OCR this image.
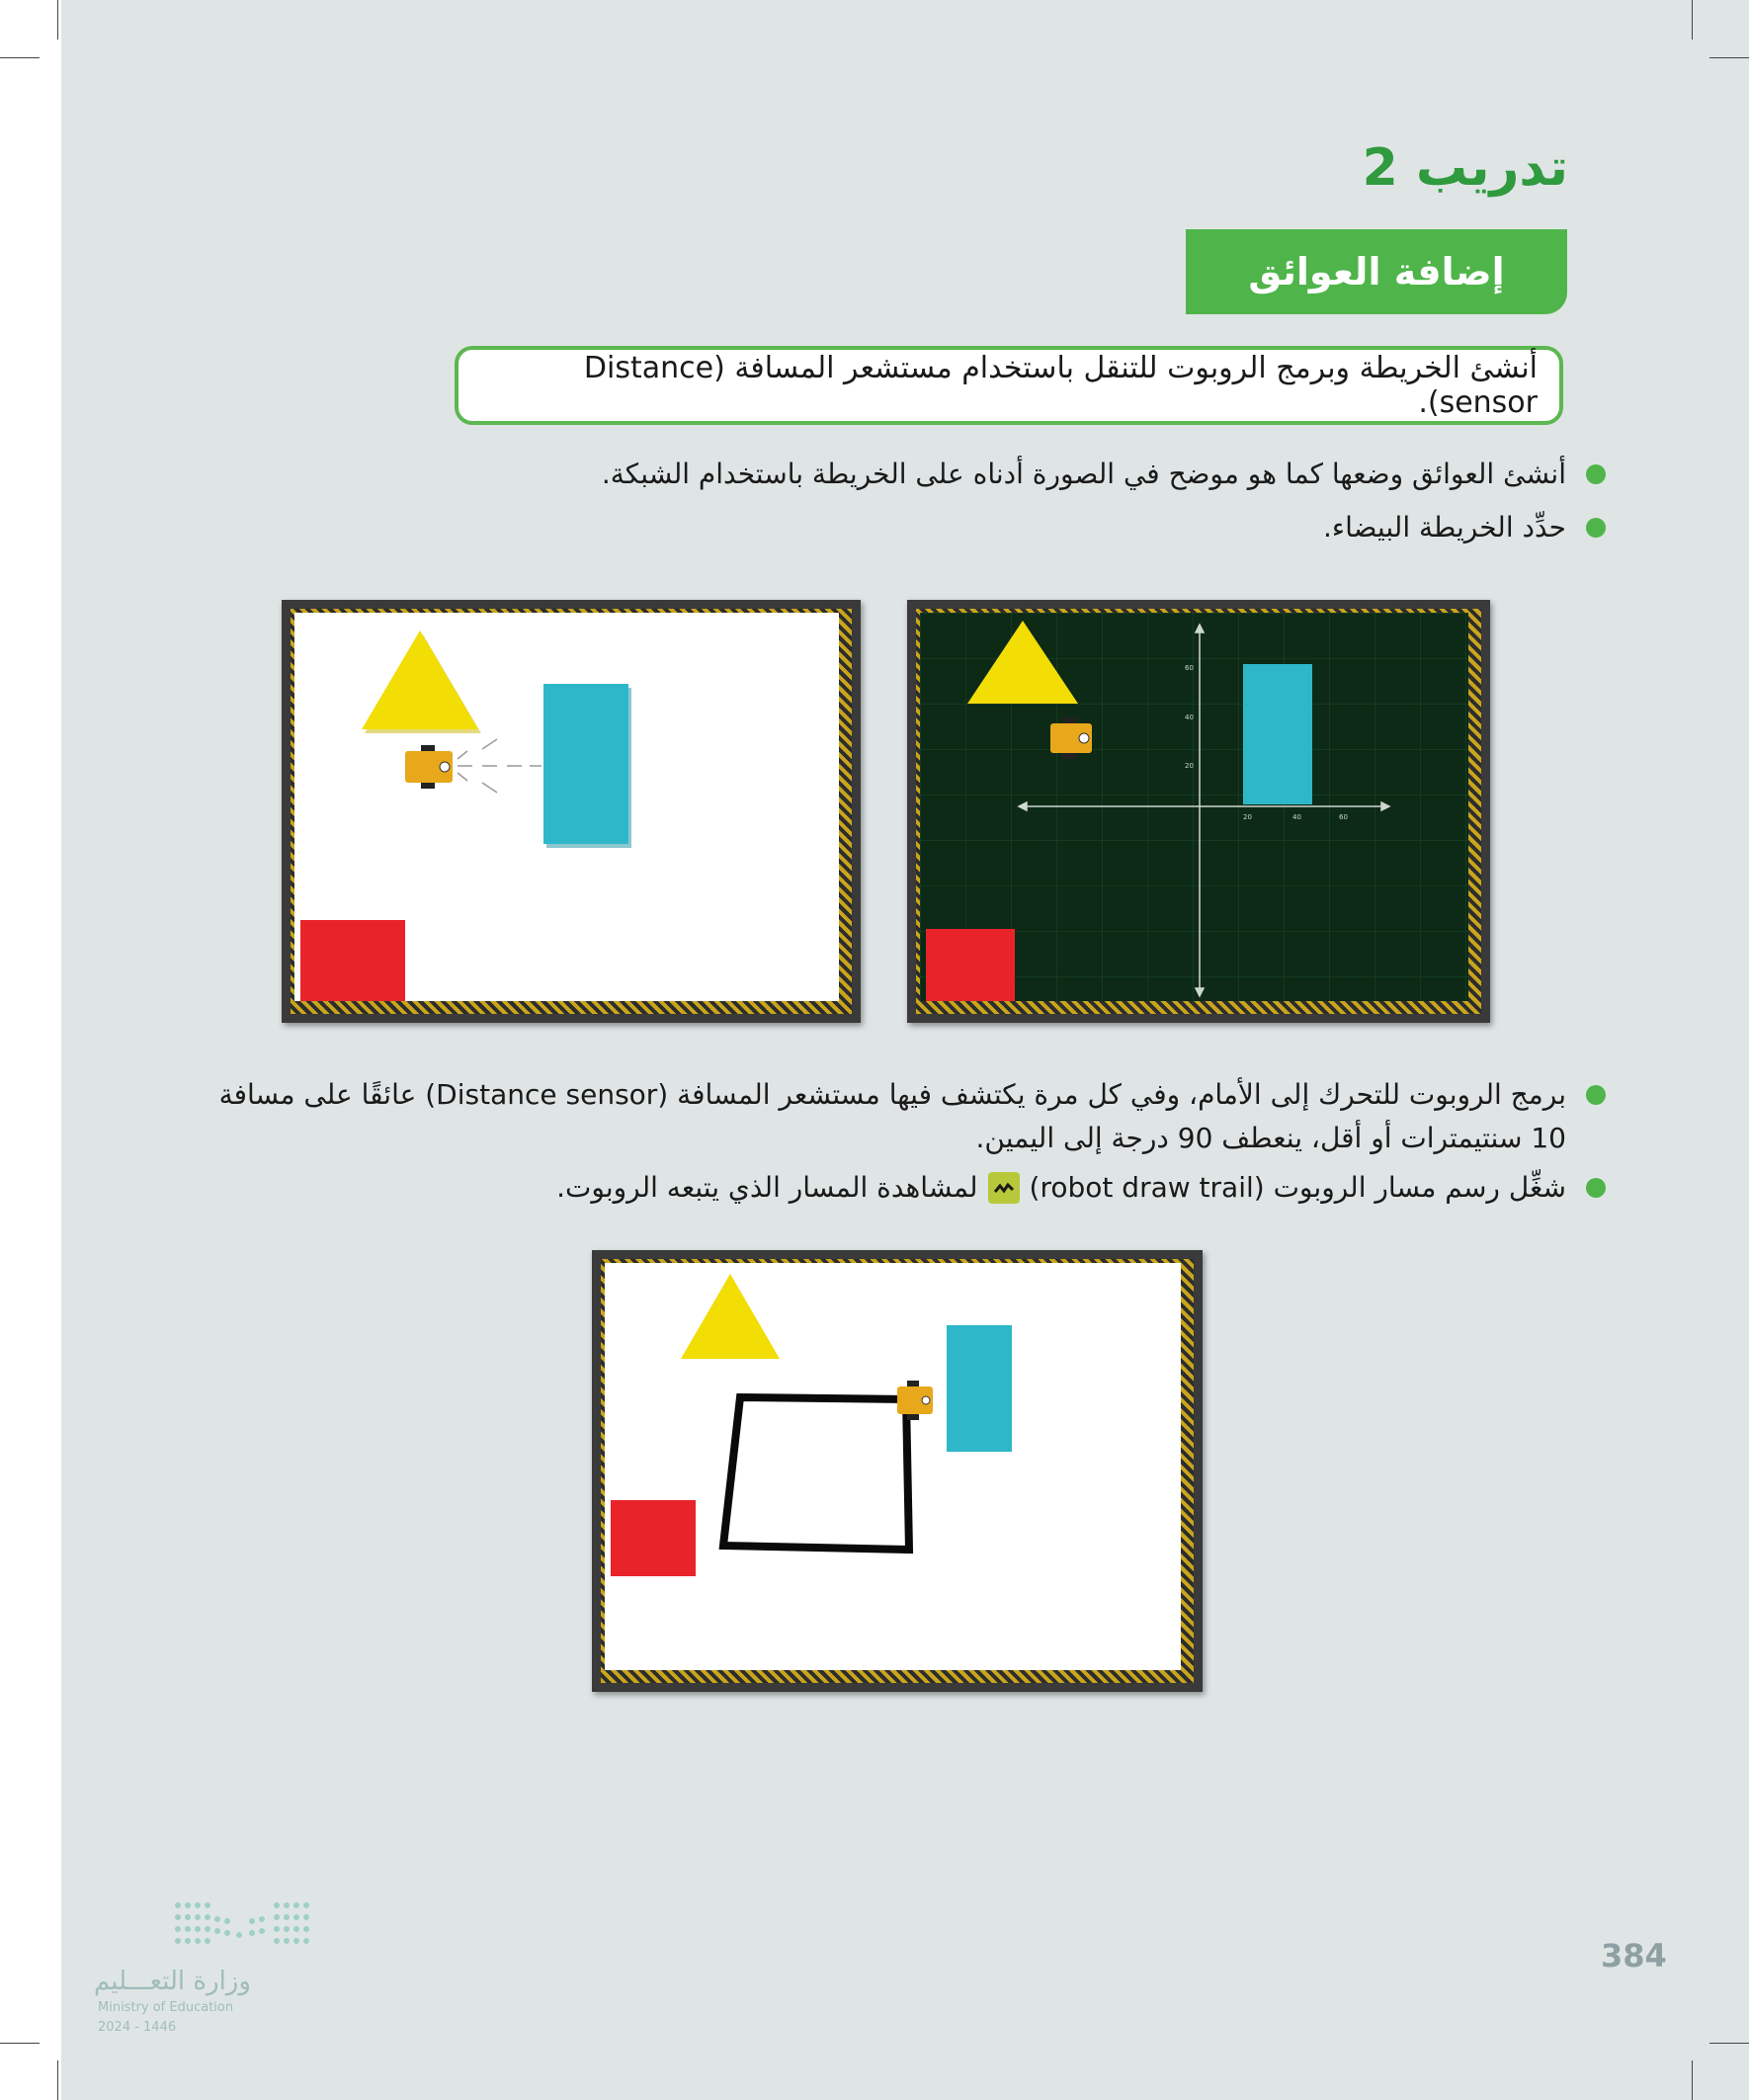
تدريب 2
إضافة العوائق
أنشئ الخريطة وبرمج الروبوت للتنقل باستخدام مستشعر المسافة (Distance sensor).
أنشئ العوائق وضعها كما هو موضح في الصورة أدناه على الخريطة باستخدام الشبكة.
حدِّد الخريطة البيضاء.
60
40
20
20	40	60
برمج الروبوت للتحرك إلى الأمام، وفي كل مرة يكتشف فيها مستشعر المسافة (Distance sensor) عائقًا على مسافة
10 سنتيمترات أو أقل، ينعطف 90 درجة إلى اليمين.
شغِّل رسم مسار الروبوت (robot draw trail)
لمشاهدة المسار الذي يتبعه الروبوت.
384
وزارة التعـــليم
Ministry of Education
2024 - 1446
